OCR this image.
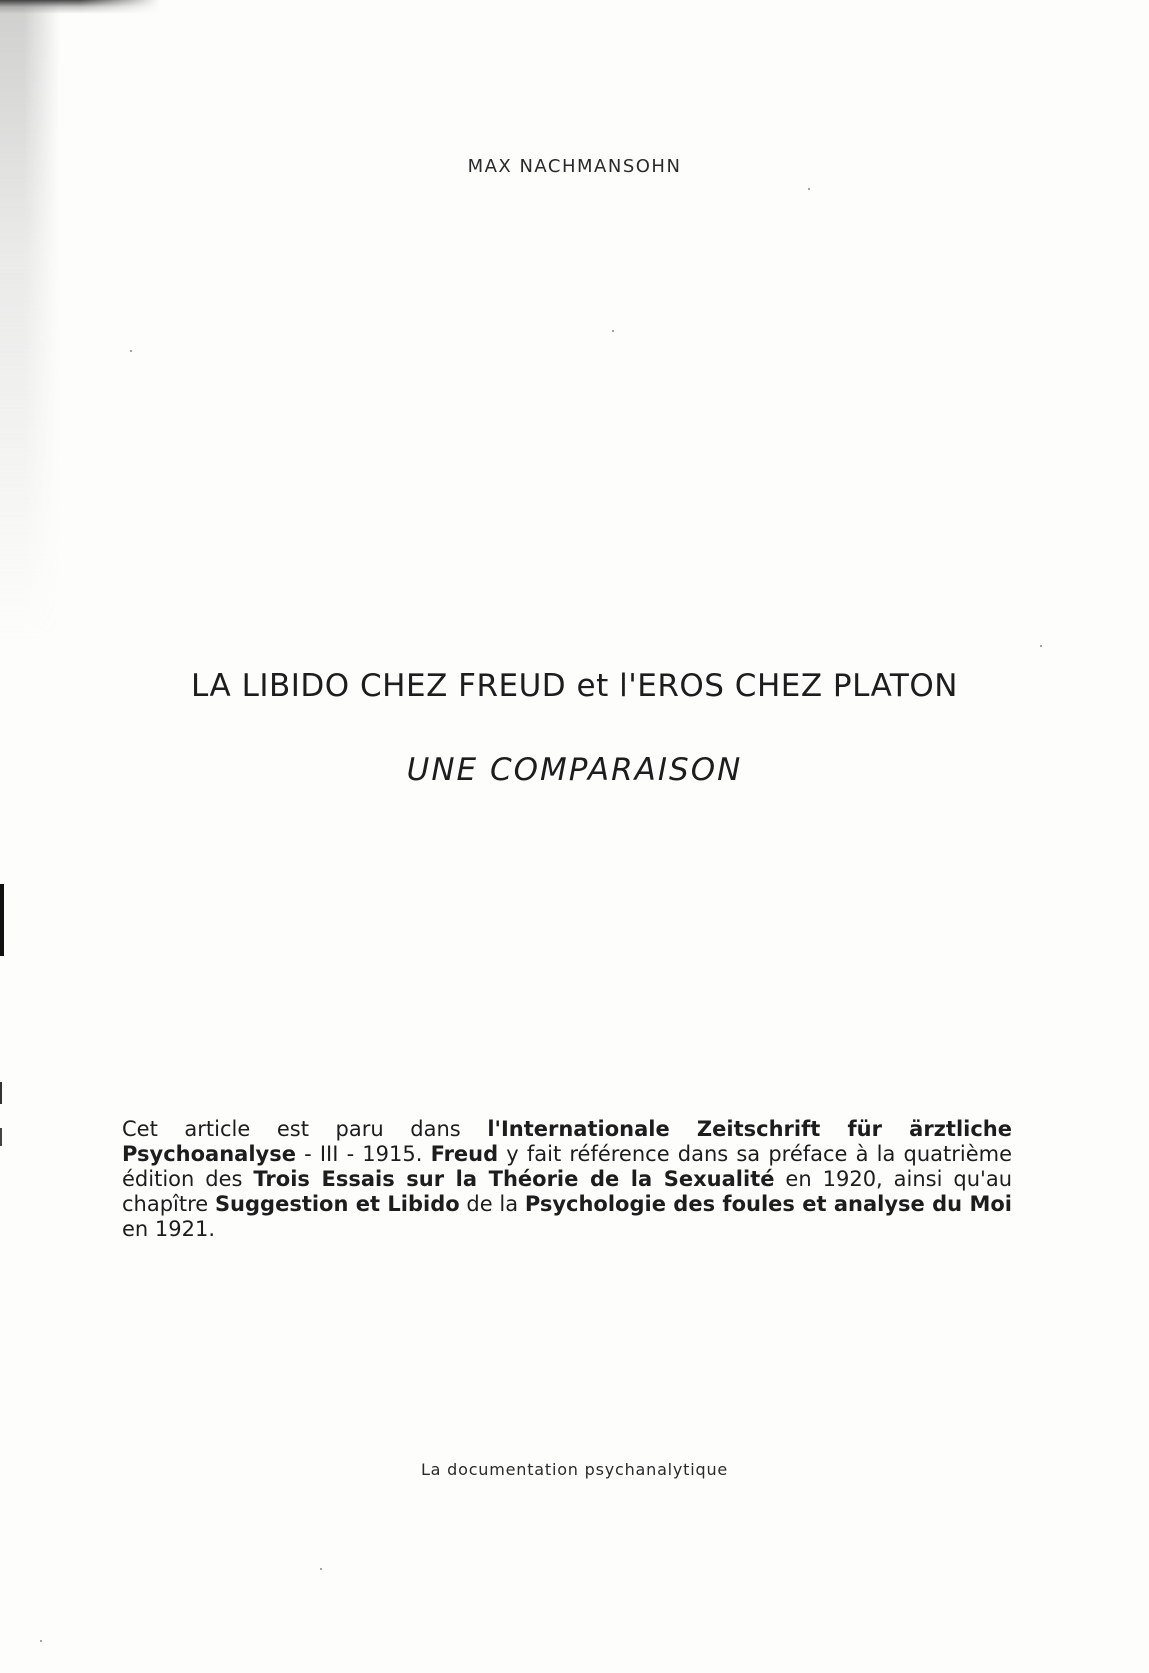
MAX NACHMANSOHN
LA LIBIDO CHEZ FREUD et l'EROS CHEZ PLATON
UNE COMPARAISON
Cet article est paru dans l'Internationale Zeitschrift für ärztliche Psychoanalyse - III - 1915. Freud y fait référence dans sa préface à la quatrième édition des Trois Essais sur la Théorie de la Sexualité en 1920, ainsi qu'au chapître Suggestion et Libido de la Psychologie des foules et analyse du Moi en 1921.
La documentation psychanalytique
